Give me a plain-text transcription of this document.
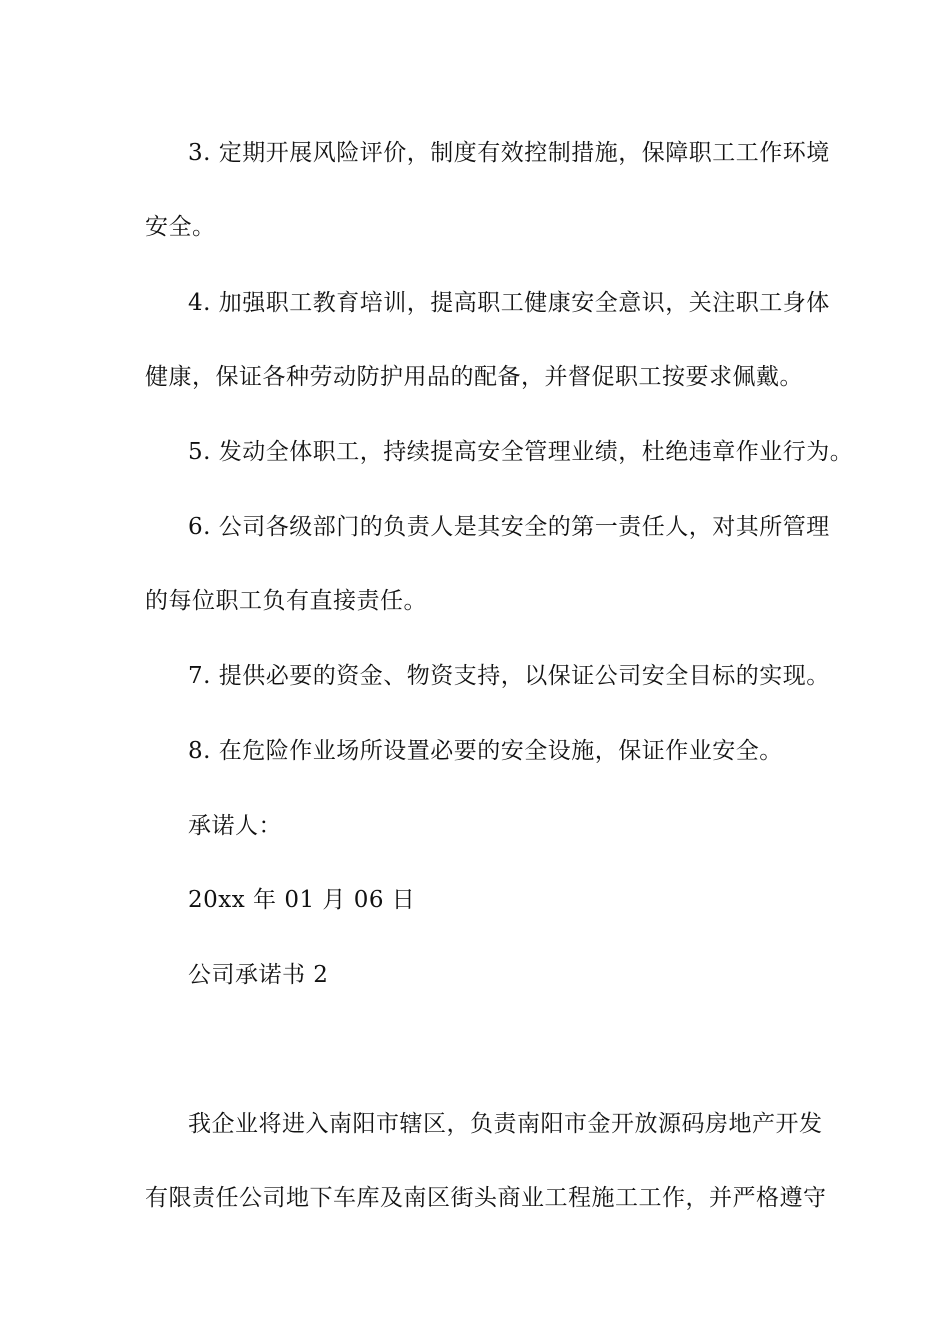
3. 定期开展风险评价，制度有效控制措施，保障职工工作环境
安全。
4. 加强职工教育培训，提高职工健康安全意识，关注职工身体
健康，保证各种劳动防护用品的配备，并督促职工按要求佩戴。
5. 发动全体职工，持续提高安全管理业绩，杜绝违章作业行为。
6. 公司各级部门的负责人是其安全的第一责任人，对其所管理
的每位职工负有直接责任。
7. 提供必要的资金、物资支持，以保证公司安全目标的实现。
8. 在危险作业场所设置必要的安全设施，保证作业安全。
承诺人：
20xx 年 01 月 06 日
公司承诺书 2
我企业将进入南阳市辖区，负责南阳市金开放源码房地产开发
有限责任公司地下车库及南区街头商业工程施工工作，并严格遵守
